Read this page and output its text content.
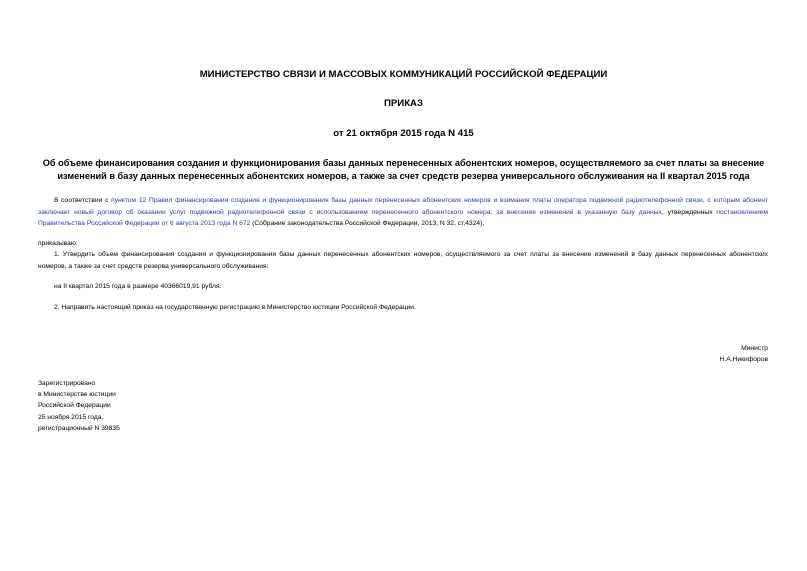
МИНИСТЕРСТВО СВЯЗИ И МАССОВЫХ КОММУНИКАЦИЙ РОССИЙСКОЙ ФЕДЕРАЦИИ
ПРИКАЗ
от 21 октября 2015 года N 415
Об объеме финансирования создания и функционирования базы данных перенесенных абонентских номеров, осуществляемого за счет платы за внесение изменений в базу данных перенесенных абонентских номеров, а также за счет средств резерва универсального обслуживания на II квартал 2015 года
В соответствии с пунктом 12 Правил финансирования создания и функционирования базы данных перенесенных абонентских номеров и взимания платы оператора подвижной радиотелефонной связи, с которым абонент заключает новый договор об оказании услуг подвижной радиотелефонной связи с использованием перенесенного абонентского номера, за внесение изменений в указанную базу данных, утвержденных постановлением Правительства Российской Федерации от 6 августа 2013 года N 672 (Собрание законодательства Российской Федерации, 2013, N 32, ст.4324),
приказываю:
1. Утвердить объем финансирования создания и функционирования базы данных перенесенных абонентских номеров, осуществляемого за счет платы за внесение изменений в базу данных перенесенных абонентских номеров, а также за счет средств резерва универсального обслуживания:
на II квартал 2015 года в размере 40366019,91 рубля.
2. Направить настоящий приказ на государственную регистрацию в Министерство юстиции Российской Федерации.
Министр
Н.А.Никифоров
Зарегистрировано
в Министерстве юстиции
Российской Федерации
25 ноября 2015 года,
регистрационный N 39835
